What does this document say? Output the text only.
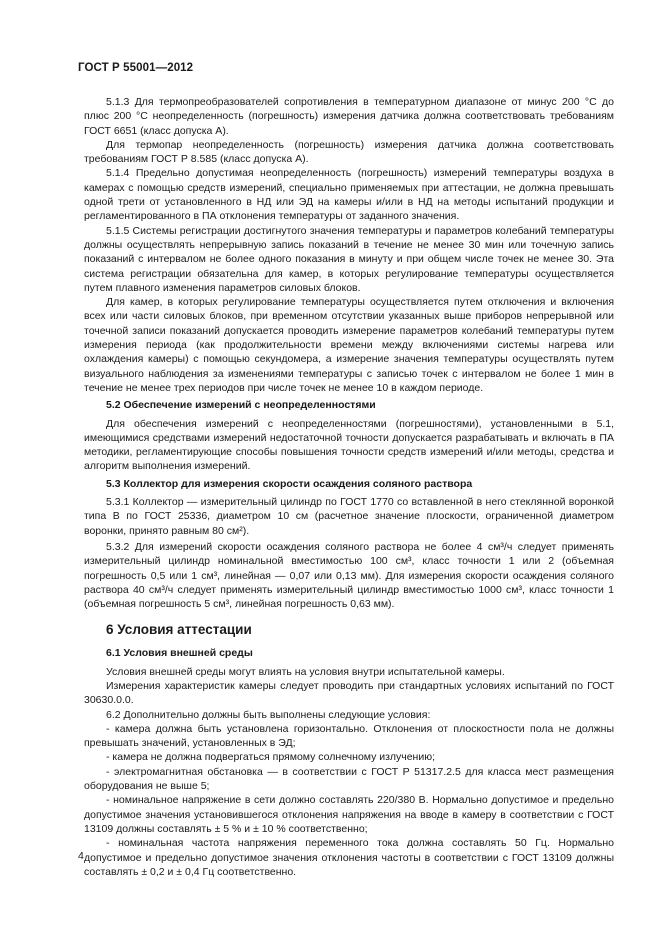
ГОСТ Р 55001—2012

5.1.3 Для термопреобразователей сопротивления в температурном диапазоне от минус 200 °С до плюс 200 °С неопределенность (погрешность) измерения датчика должна соответствовать требованиям ГОСТ 6651 (класс допуска А).

Для термопар неопределенность (погрешность) измерения датчика должна соответствовать требованиям ГОСТ Р 8.585 (класс допуска А).

5.1.4 Предельно допустимая неопределенность (погрешность) измерений температуры воздуха в камерах с помощью средств измерений, специально применяемых при аттестации, не должна превышать одной трети от установленного в НД или ЭД на камеры и/или в НД на методы испытаний продукции и регламентированного в ПА отклонения температуры от заданного значения.

5.1.5 Системы регистрации достигнутого значения температуры и параметров колебаний температуры должны осуществлять непрерывную запись показаний в течение не менее 30 мин или точечную запись показаний с интервалом не более одного показания в минуту и при общем числе точек не менее 30. Эта система регистрации обязательна для камер, в которых регулирование температуры осуществляется путем плавного изменения параметров силовых блоков.

Для камер, в которых регулирование температуры осуществляется путем отключения и включения всех или части силовых блоков, при временном отсутствии указанных выше приборов непрерывной или точечной записи показаний допускается проводить измерение параметров колебаний температуры путем измерения периода (как продолжительности времени между включениями системы нагрева или охлаждения камеры) с помощью секундомера, а измерение значения температуры осуществлять путем визуального наблюдения за изменениями температуры с записью точек с интервалом не более 1 мин в течение не менее трех периодов при числе точек не менее 10 в каждом периоде.

5.2 Обеспечение измерений с неопределенностями

Для обеспечения измерений с неопределенностями (погрешностями), установленными в 5.1, имеющимися средствами измерений недостаточной точности допускается разрабатывать и включать в ПА методики, регламентирующие способы повышения точности средств измерений и/или методы, средства и алгоритм выполнения измерений.

5.3 Коллектор для измерения скорости осаждения соляного раствора

5.3.1 Коллектор — измерительный цилиндр по ГОСТ 1770 со вставленной в него стеклянной воронкой типа В по ГОСТ 25336, диаметром 10 см (расчетное значение плоскости, ограниченной диаметром воронки, принято равным 80 см²).

5.3.2 Для измерений скорости осаждения соляного раствора не более 4 см³/ч следует применять измерительный цилиндр номинальной вместимостью 100 см³, класс точности 1 или 2 (объемная погрешность 0,5 или 1 см³, линейная — 0,07 или 0,13 мм). Для измерения скорости осаждения соляного раствора 40 см³/ч следует применять измерительный цилиндр вместимостью 1000 см³, класс точности 1 (объемная погрешность 5 см³, линейная погрешность 0,63 мм).

6 Условия аттестации
6.1 Условия внешней среды

Условия внешней среды могут влиять на условия внутри испытательной камеры.

Измерения характеристик камеры следует проводить при стандартных условиях испытаний по ГОСТ 30630.0.0.

6.2 Дополнительно должны быть выполнены следующие условия:

- камера должна быть установлена горизонтально. Отклонения от плоскостности пола не должны превышать значений, установленных в ЭД;

- камера не должна подвергаться прямому солнечному излучению;

- электромагнитная обстановка — в соответствии с ГОСТ Р 51317.2.5 для класса мест размещения оборудования не выше 5;

- номинальное напряжение в сети должно составлять 220/380 В. Нормально допустимое и предельно допустимое значения установившегося отклонения напряжения на вводе в камеру в соответствии с ГОСТ 13109 должны составлять ± 5 % и ± 10 % соответственно;

- номинальная частота напряжения переменного тока должна составлять 50 Гц. Нормально допустимое и предельно допустимое значения отклонения частоты в соответствии с ГОСТ 13109 должны составлять ± 0,2 и ± 0,4 Гц соответственно.

4
